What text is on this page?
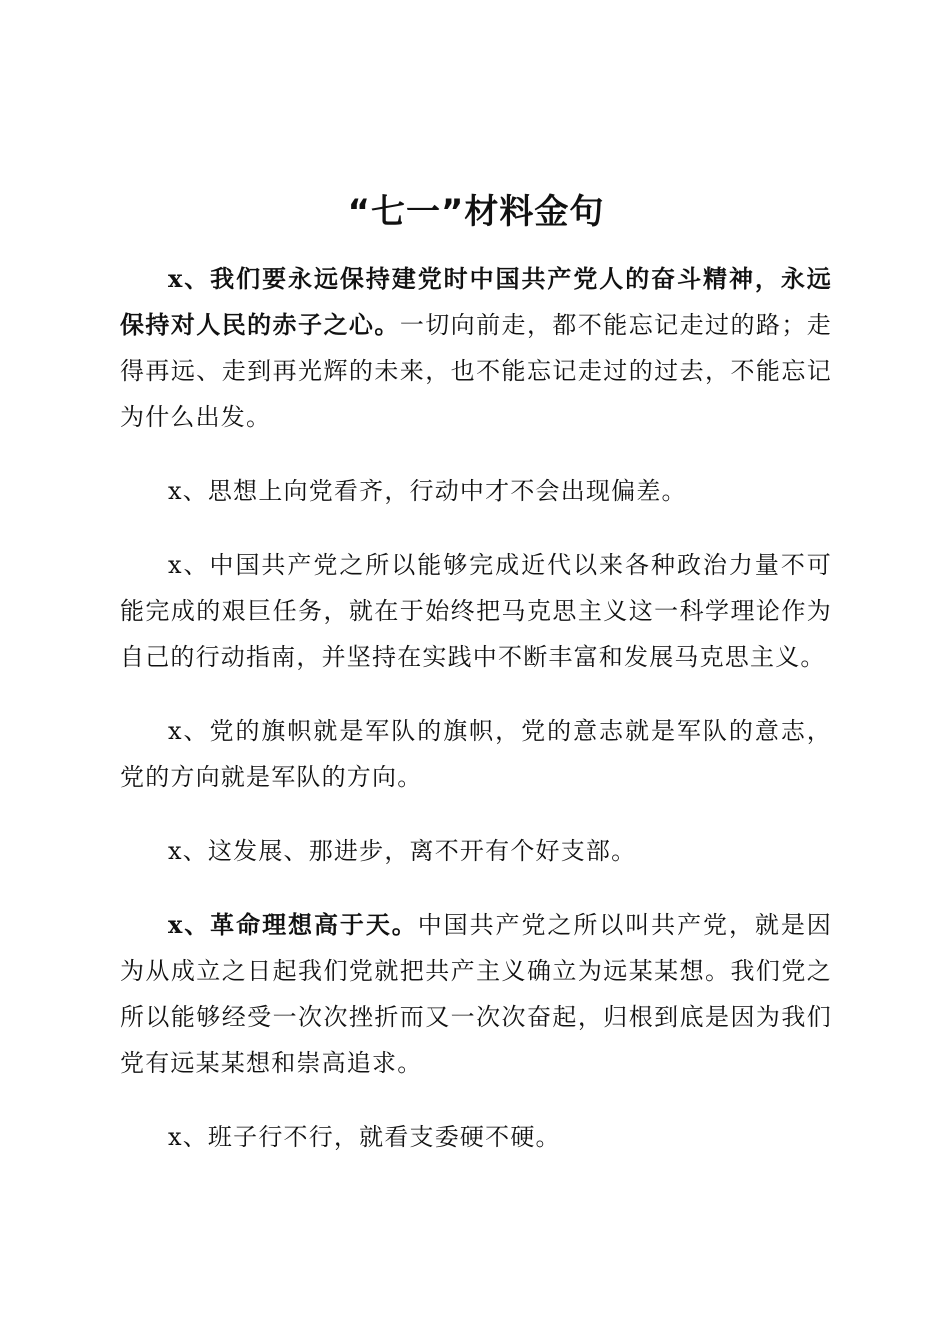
“七一”材料金句

x、我们要永远保持建党时中国共产党人的奋斗精神，永远保持对人民的赤子之心。一切向前走，都不能忘记走过的路；走得再远、走到再光辉的未来，也不能忘记走过的过去，不能忘记为什么出发。

x、思想上向党看齐，行动中才不会出现偏差。

x、中国共产党之所以能够完成近代以来各种政治力量不可能完成的艰巨任务，就在于始终把马克思主义这一科学理论作为自己的行动指南，并坚持在实践中不断丰富和发展马克思主义。

x、党的旗帜就是军队的旗帜，党的意志就是军队的意志，党的方向就是军队的方向。

x、这发展、那进步，离不开有个好支部。

x、革命理想高于天。中国共产党之所以叫共产党，就是因为从成立之日起我们党就把共产主义确立为远某某想。我们党之所以能够经受一次次挫折而又一次次奋起，归根到底是因为我们党有远某某想和崇高追求。

x、班子行不行，就看支委硬不硬。
